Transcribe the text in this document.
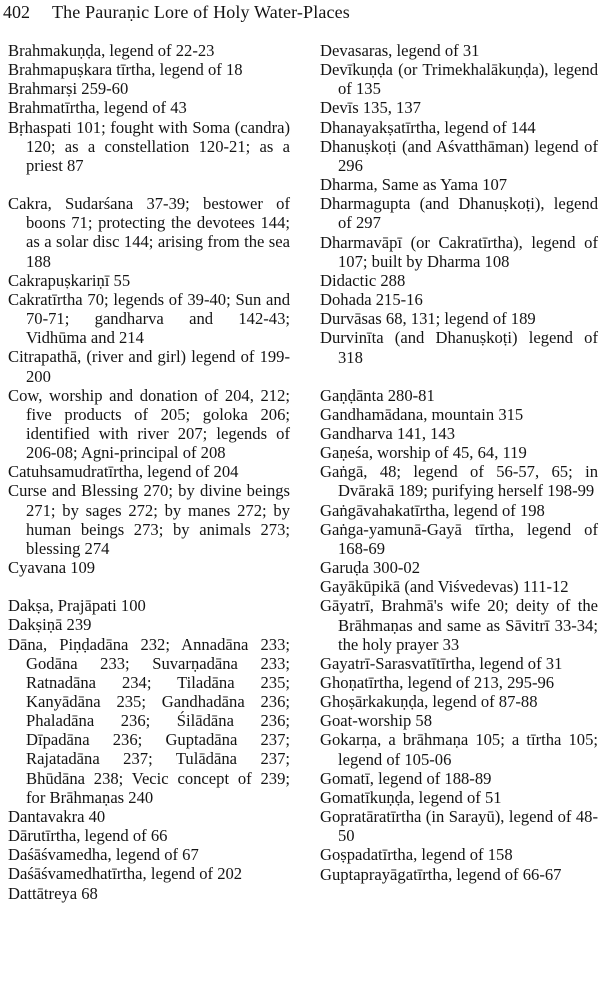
402 The Pauraṇic Lore of Holy Water-Places
Brahmakuṇḍa, legend of 22-23
Brahmapuṣkara tīrtha, legend of 18
Brahmarṣi 259-60
Brahmatīrtha, legend of 43
Bṛhaspati 101; fought with Soma (candra) 120; as a constellation 120-21; as a priest 87
Cakra, Sudarśana 37-39; bestower of boons 71; protecting the devotees 144; as a solar disc 144; arising from the sea 188
Cakrapuṣkariṇī 55
Cakratīrtha 70; legends of 39-40; Sun and 70-71; gandharva and 142-43; Vidhūma and 214
Citrapathā, (river and girl) legend of 199-200
Cow, worship and donation of 204, 212; five products of 205; goloka 206; identified with river 207; legends of 206-08; Agni-principal of 208
Catuhsamudratīrtha, legend of 204
Curse and Blessing 270; by divine beings 271; by sages 272; by manes 272; by human beings 273; by animals 273; blessing 274
Cyavana 109
Dakṣa, Prajāpati 100
Dakṣiṇā 239
Dāna, Piṇḍadāna 232; Annadāna 233; Godāna 233; Suvarṇadāna 233; Ratnadāna 234; Tiladāna 235; Kanyādāna 235; Gandhadāna 236; Phaladāna 236; Śilādāna 236; Dīpadāna 236; Guptadāna 237; Rajatadāna 237; Tulādāna 237; Bhūdāna 238; Vecic concept of 239; for Brāhmaṇas 240
Dantavakra 40
Dārutīrtha, legend of 66
Daśāśvamedha, legend of 67
Daśāśvamedhatīrtha, legend of 202
Dattātreya 68
Devasaras, legend of 31
Devīkuṇḍa (or Trimekhalākuṇḍa), legend of 135
Devīs 135, 137
Dhanayakṣatīrtha, legend of 144
Dhanuṣkoṭi (and Aśvatthāman) legend of 296
Dharma, Same as Yama 107
Dharmagupta (and Dhanuṣkoṭi), legend of 297
Dharmavāpī (or Cakratīrtha), legend of 107; built by Dharma 108
Didactic 288
Dohada 215-16
Durvāsas 68, 131; legend of 189
Durvinīta (and Dhanuṣkoṭi) legend of 318
Gaṇḍānta 280-81
Gandhamādana, mountain 315
Gandharva 141, 143
Gaṇeśa, worship of 45, 64, 119
Gaṅgā, 48; legend of 56-57, 65; in Dvārakā 189; purifying herself 198-99
Gaṅgāvahakatīrtha, legend of 198
Gaṅga-yamunā-Gayā tīrtha, legend of 168-69
Garuḍa 300-02
Gayākūpikā (and Viśvedevas) 111-12
Gāyatrī, Brahmā's wife 20; deity of the Brāhmaṇas and same as Sāvitrī 33-34; the holy prayer 33
Gayatrī-Sarasvatītīrtha, legend of 31
Ghoṇatīrtha, legend of 213, 295-96
Ghoṣārkakuṇḍa, legend of 87-88
Goat-worship 58
Gokarṇa, a brāhmaṇa 105; a tīrtha 105; legend of 105-06
Gomatī, legend of 188-89
Gomatīkuṇḍa, legend of 51
Gopratāratīrtha (in Sarayū), legend of 48-50
Goṣpadatīrtha, legend of 158
Guptaprayāgatīrtha, legend of 66-67
